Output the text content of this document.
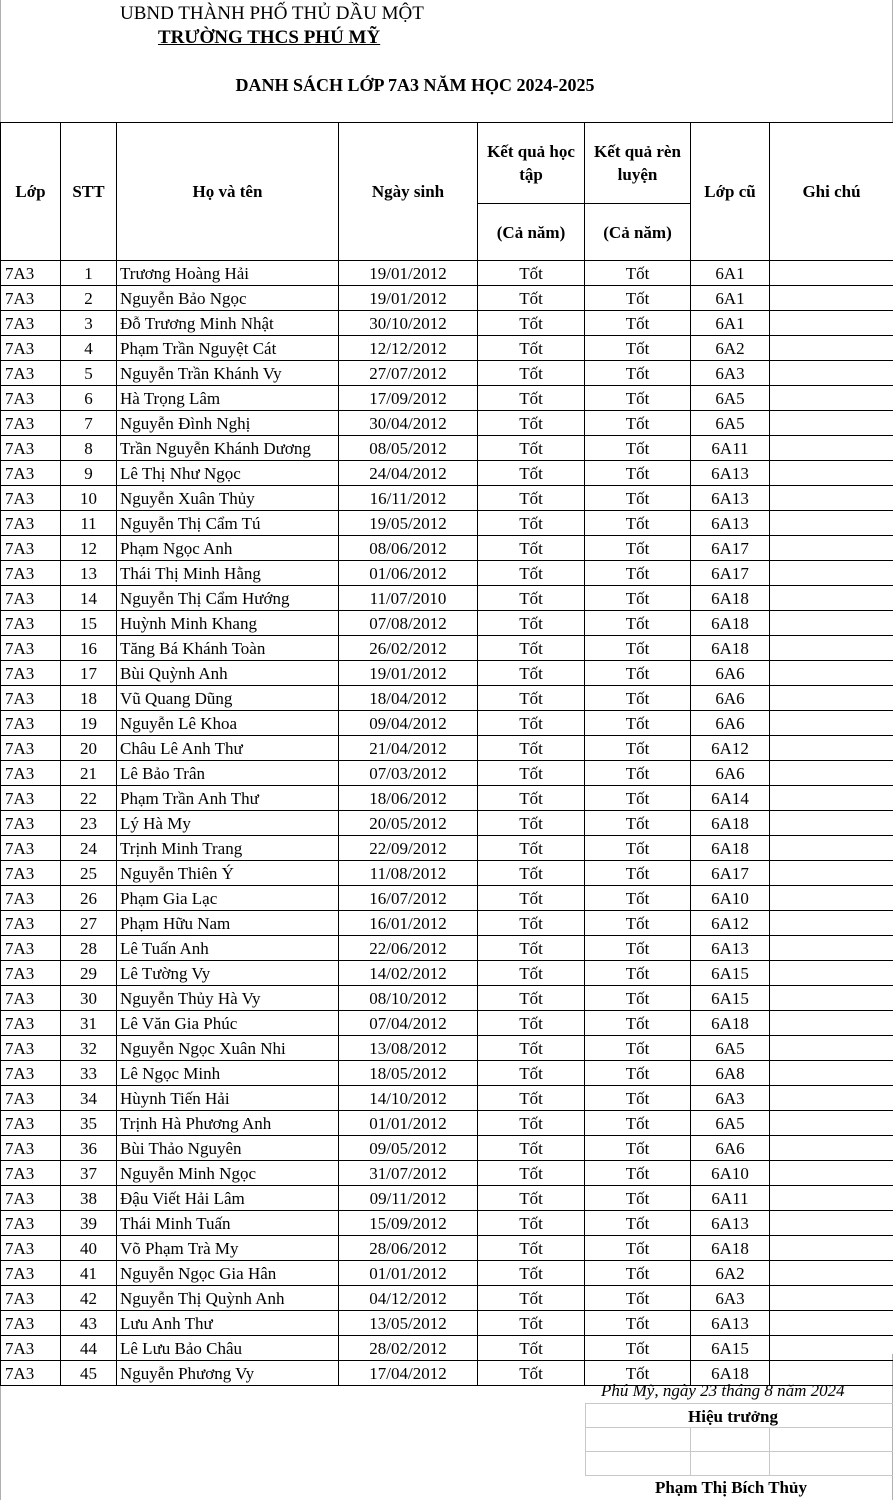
UBND THÀNH PHỐ THỦ DẦU MỘT
TRƯỜNG THCS PHÚ MỸ
DANH SÁCH LỚP 7A3 NĂM HỌC 2024-2025
Lớp	STT	Họ và tên	Ngày sinh	Kết quả học tập	Kết quả rèn luyện	Lớp cũ	Ghi chú
				(Cả năm)	(Cả năm)		
7A3	1	Trương Hoàng Hải	19/01/2012	Tốt	Tốt	6A1	
7A3	2	Nguyễn Bảo Ngọc	19/01/2012	Tốt	Tốt	6A1	
7A3	3	Đỗ Trương Minh Nhật	30/10/2012	Tốt	Tốt	6A1	
7A3	4	Phạm Trần Nguyệt Cát	12/12/2012	Tốt	Tốt	6A2	
7A3	5	Nguyễn Trần Khánh Vy	27/07/2012	Tốt	Tốt	6A3	
7A3	6	Hà Trọng Lâm	17/09/2012	Tốt	Tốt	6A5	
7A3	7	Nguyễn Đình Nghị	30/04/2012	Tốt	Tốt	6A5	
7A3	8	Trần Nguyễn Khánh Dương	08/05/2012	Tốt	Tốt	6A11	
7A3	9	Lê Thị Như Ngọc	24/04/2012	Tốt	Tốt	6A13	
7A3	10	Nguyễn Xuân Thủy	16/11/2012	Tốt	Tốt	6A13	
7A3	11	Nguyễn Thị Cẩm Tú	19/05/2012	Tốt	Tốt	6A13	
7A3	12	Phạm Ngọc Anh	08/06/2012	Tốt	Tốt	6A17	
7A3	13	Thái Thị Minh Hằng	01/06/2012	Tốt	Tốt	6A17	
7A3	14	Nguyễn Thị Cẩm Hướng	11/07/2010	Tốt	Tốt	6A18	
7A3	15	Huỳnh Minh Khang	07/08/2012	Tốt	Tốt	6A18	
7A3	16	Tăng Bá Khánh Toàn	26/02/2012	Tốt	Tốt	6A18	
7A3	17	Bùi Quỳnh Anh	19/01/2012	Tốt	Tốt	6A6	
7A3	18	Vũ Quang Dũng	18/04/2012	Tốt	Tốt	6A6	
7A3	19	Nguyễn Lê Khoa	09/04/2012	Tốt	Tốt	6A6	
7A3	20	Châu Lê Anh Thư	21/04/2012	Tốt	Tốt	6A12	
7A3	21	Lê Bảo Trân	07/03/2012	Tốt	Tốt	6A6	
7A3	22	Phạm Trần Anh Thư	18/06/2012	Tốt	Tốt	6A14	
7A3	23	Lý Hà My	20/05/2012	Tốt	Tốt	6A18	
7A3	24	Trịnh Minh Trang	22/09/2012	Tốt	Tốt	6A18	
7A3	25	Nguyễn Thiên Ý	11/08/2012	Tốt	Tốt	6A17	
7A3	26	Phạm Gia Lạc	16/07/2012	Tốt	Tốt	6A10	
7A3	27	Phạm Hữu Nam	16/01/2012	Tốt	Tốt	6A12	
7A3	28	Lê Tuấn Anh	22/06/2012	Tốt	Tốt	6A13	
7A3	29	Lê Tường Vy	14/02/2012	Tốt	Tốt	6A15	
7A3	30	Nguyễn Thủy Hà Vy	08/10/2012	Tốt	Tốt	6A15	
7A3	31	Lê Văn Gia Phúc	07/04/2012	Tốt	Tốt	6A18	
7A3	32	Nguyễn Ngọc Xuân Nhi	13/08/2012	Tốt	Tốt	6A5	
7A3	33	Lê Ngọc Minh	18/05/2012	Tốt	Tốt	6A8	
7A3	34	Hùynh Tiến Hải	14/10/2012	Tốt	Tốt	6A3	
7A3	35	Trịnh Hà Phương Anh	01/01/2012	Tốt	Tốt	6A5	
7A3	36	Bùi Thảo Nguyên	09/05/2012	Tốt	Tốt	6A6	
7A3	37	Nguyễn Minh Ngọc	31/07/2012	Tốt	Tốt	6A10	
7A3	38	Đậu Viết Hải Lâm	09/11/2012	Tốt	Tốt	6A11	
7A3	39	Thái Minh Tuấn	15/09/2012	Tốt	Tốt	6A13	
7A3	40	Võ Phạm Trà My	28/06/2012	Tốt	Tốt	6A18	
7A3	41	Nguyễn Ngọc Gia Hân	01/01/2012	Tốt	Tốt	6A2	
7A3	42	Nguyễn Thị Quỳnh Anh	04/12/2012	Tốt	Tốt	6A3	
7A3	43	Lưu Anh Thư	13/05/2012	Tốt	Tốt	6A13	
7A3	44	Lê Lưu Bảo Châu	28/02/2012	Tốt	Tốt	6A15	
7A3	45	Nguyễn Phương Vy	17/04/2012	Tốt	Tốt	6A18	
Phú Mỹ, ngày 23 tháng 8 năm 2024
Hiệu trưởng
Phạm Thị Bích Thủy
